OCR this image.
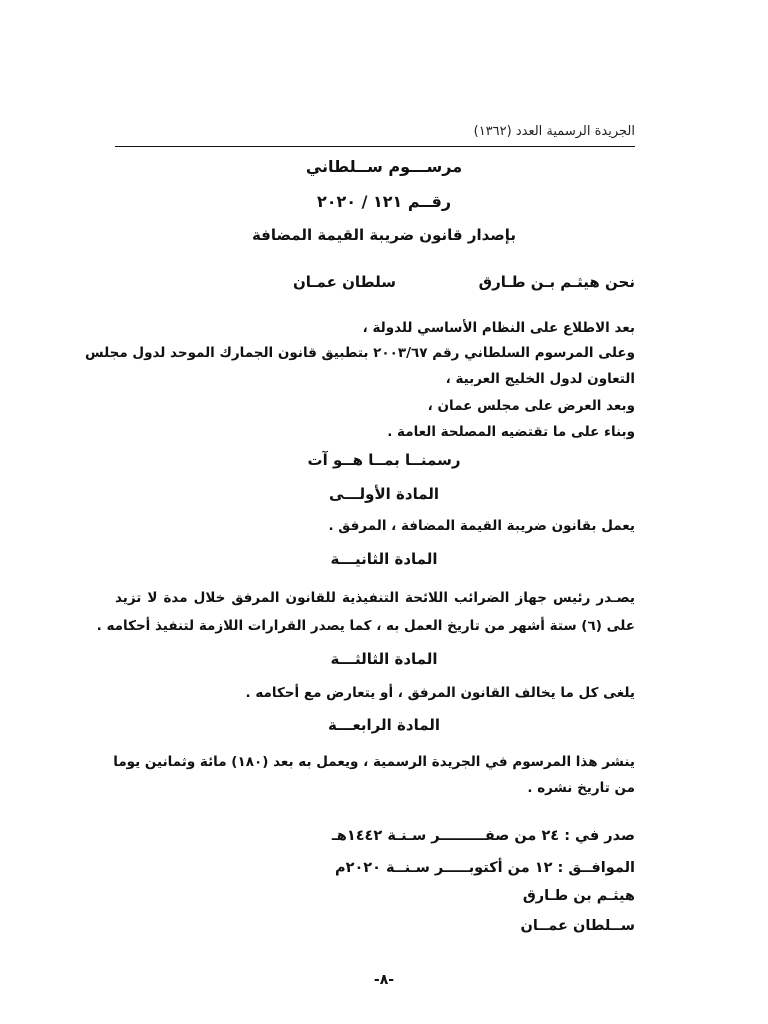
الجريدة الرسمية العدد (١٣٦٢)
مرســـوم ســلطاني
رقــم ١٢١ / ٢٠٢٠
بإصدار قانون ضريبة القيمة المضافة
نحن هيثـم بـن طـارق
سلطان عمـان
بعد الاطلاع على النظام الأساسي للدولة ،
وعلى المرسوم السلطاني رقم ٢٠٠٣/٦٧ بتطبيق قانون الجمارك الموحد لدول مجلس
التعاون لدول الخليج العربية ،
وبعد العرض على مجلس عمان ،
وبناء على ما تقتضيه المصلحة العامة .
رسمنــا بمــا هــو آت
المادة الأولـــى
يعمل بقانون ضريبة القيمة المضافة ، المرفق .
المادة الثانيـــة
يصـدر رئيس جهاز الضرائب اللائحة التنفيذية للقانون المرفق خلال مدة لا تزيد
على (٦) ستة أشهر من تاريخ العمل به ، كما يصدر القرارات اللازمة لتنفيذ أحكامه .
المادة الثالثـــة
يلغى كل ما يخالف القانون المرفق ، أو يتعارض مع أحكامه .
المادة الرابعـــة
ينشر هذا المرسوم في الجريدة الرسمية ، ويعمل به بعد (١٨٠) مائة وثمانين يوما
من تاريخ نشره .
صدر في : ٢٤ من صفـــــــــر سـنـة ١٤٤٢هـ
الموافــق : ١٢ من أكتوبـــــر سـنــة ٢٠٢٠م
هيثـم بن طـارق
ســلطان عمــان
-٨-
